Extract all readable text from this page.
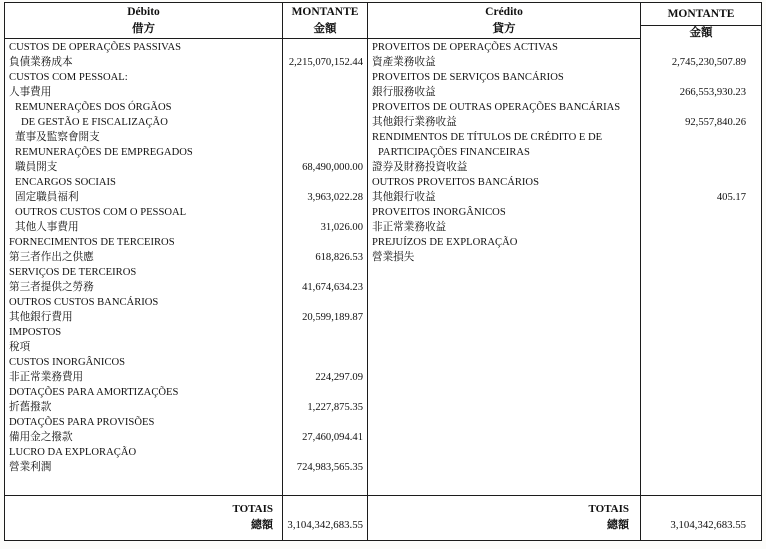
Débito
借方
MONTANTE
金額
Crédito
貸方
MONTANTE
金額
CUSTOS DE OPERAÇÕES PASSIVAS
負債業務成本
CUSTOS COM PESSOAL:
人事費用
REMUNERAÇÕES DOS ÓRGÃOS
DE GESTÃO E FISCALIZAÇÃO
董事及監察會開支
REMUNERAÇÕES DE EMPREGADOS
職員開支
ENCARGOS SOCIAIS
固定職員福利
OUTROS CUSTOS COM O PESSOAL
其他人事費用
FORNECIMENTOS DE TERCEIROS
第三者作出之供應
SERVIÇOS DE TERCEIROS
第三者提供之勞務
OUTROS CUSTOS BANCÁRIOS
其他銀行費用
IMPOSTOS
稅項
CUSTOS INORGÂNICOS
非正常業務費用
DOTAÇÕES PARA AMORTIZAÇÕES
折舊撥款
DOTAÇÕES PARA PROVISÕES
備用金之撥款
LUCRO DA EXPLORAÇÃO
營業利潤
2,215,070,152.44
68,490,000.00
3,963,022.28
31,026.00
618,826.53
41,674,634.23
20,599,189.87
224,297.09
1,227,875.35
27,460,094.41
724,983,565.35
PROVEITOS DE OPERAÇÕES ACTIVAS
資產業務收益
PROVEITOS DE SERVIÇOS BANCÁRIOS
銀行服務收益
PROVEITOS DE OUTRAS OPERAÇÕES BANCÁRIAS
其他銀行業務收益
RENDIMENTOS DE TÍTULOS DE CRÉDITO E DE
PARTICIPAÇÕES FINANCEIRAS
證券及財務投資收益
OUTROS PROVEITOS BANCÁRIOS
其他銀行收益
PROVEITOS INORGÂNICOS
非正常業務收益
PREJUÍZOS DE EXPLORAÇÃO
營業損失
2,745,230,507.89
266,553,930.23
92,557,840.26
405.17
TOTAIS
總額	3,104,342,683.55
TOTAIS
總額	3,104,342,683.55
